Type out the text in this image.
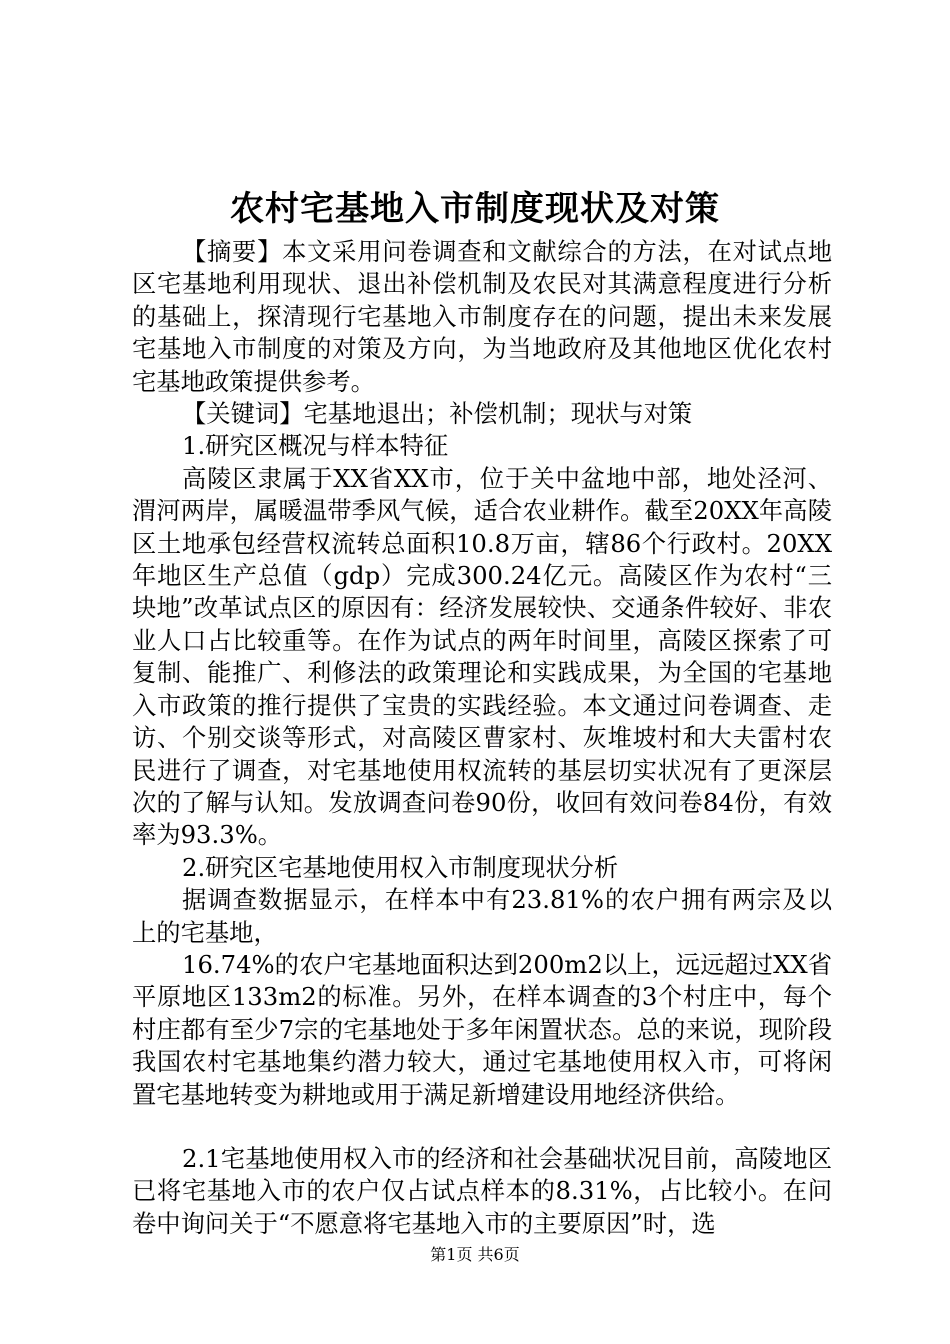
农村宅基地入市制度现状及对策

【摘要】本文采用问卷调查和文献综合的方法，在对试点地区宅基地利用现状、退出补偿机制及农民对其满意程度进行分析的基础上，探清现行宅基地入市制度存在的问题，提出未来发展宅基地入市制度的对策及方向，为当地政府及其他地区优化农村宅基地政策提供参考。

【关键词】宅基地退出；补偿机制；现状与对策

1.研究区概况与样本特征

高陵区隶属于XX省XX市，位于关中盆地中部，地处泾河、渭河两岸，属暖温带季风气候，适合农业耕作。截至20XX年高陵区土地承包经营权流转总面积10.8万亩，辖86个行政村。20XX年地区生产总值（gdp）完成300.24亿元。高陵区作为农村“三块地”改革试点区的原因有：经济发展较快、交通条件较好、非农业人口占比较重等。在作为试点的两年时间里，高陵区探索了可复制、能推广、利修法的政策理论和实践成果，为全国的宅基地入市政策的推行提供了宝贵的实践经验。本文通过问卷调查、走访、个别交谈等形式，对高陵区曹家村、灰堆坡村和大夫雷村农民进行了调查，对宅基地使用权流转的基层切实状况有了更深层次的了解与认知。发放调查问卷90份，收回有效问卷84份，有效率为93.3%。

2.研究区宅基地使用权入市制度现状分析

据调查数据显示，在样本中有23.81%的农户拥有两宗及以上的宅基地，

16.74%的农户宅基地面积达到200m2以上，远远超过XX省平原地区133m2的标准。另外，在样本调查的3个村庄中，每个村庄都有至少7宗的宅基地处于多年闲置状态。总的来说，现阶段我国农村宅基地集约潜力较大，通过宅基地使用权入市，可将闲置宅基地转变为耕地或用于满足新增建设用地经济供给。

2.1宅基地使用权入市的经济和社会基础状况目前，高陵地区已将宅基地入市的农户仅占试点样本的8.31%，占比较小。在问卷中询问关于“不愿意将宅基地入市的主要原因”时，选

第1页 共6页
